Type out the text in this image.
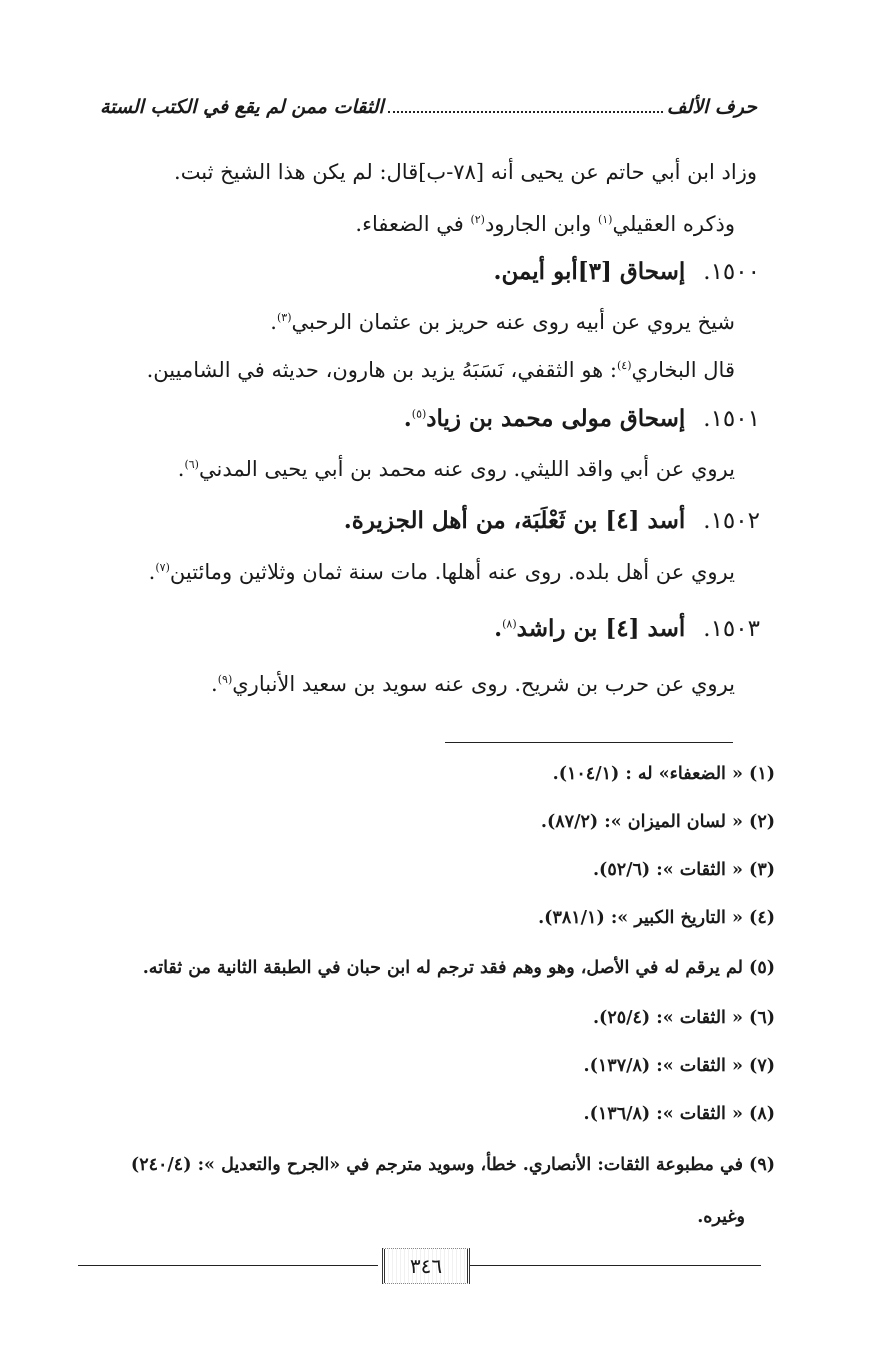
حرف الألف
الثقات ممن لم يقع في الكتب الستة
وزاد ابن أبي حاتم عن يحيى أنه [٧٨-ب]قال: لم يكن هذا الشيخ ثبت.
وذكره العقيلي$^{(١)}$ وابن الجارود$^{(٢)}$ في الضعفاء.
١٥٠٠.إسحاق [٣]أبو أيمن.
شيخ يروي عن أبيه روى عنه حريز بن عثمان الرحبي$^{(٣)}$.
قال البخاري$^{(٤)}$: هو الثقفي، نَسَبَهُ يزيد بن هارون، حديثه في الشاميين.
١٥٠١.إسحاق مولى محمد بن زياد$^{(٥)}$.
يروي عن أبي واقد الليثي. روى عنه محمد بن أبي يحيى المدني$^{(٦)}$.
١٥٠٢.أسد [٤] بن ثَعْلَبَة، من أهل الجزيرة.
يروي عن أهل بلده. روى عنه أهلها. مات سنة ثمان وثلاثين ومائتين$^{(٧)}$.
١٥٠٣.أسد [٤] بن راشد$^{(٨)}$.
يروي عن حرب بن شريح. روى عنه سويد بن سعيد الأنباري$^{(٩)}$.
(١) « الضعفاء» له : (١٠٤/١).
(٢) « لسان الميزان »: (٨٧/٢).
(٣) « الثقات »: (٥٢/٦).
(٤) « التاريخ الكبير »: (٣٨١/١).
(٥) لم يرقم له في الأصل، وهو وهم فقد ترجم له ابن حبان في الطبقة الثانية من ثقاته.
(٦) « الثقات »: (٢٥/٤).
(٧) « الثقات »: (١٣٧/٨).
(٨) « الثقات »: (١٣٦/٨).
(٩) في مطبوعة الثقات: الأنصاري. خطأ، وسويد مترجم في «الجرح والتعديل »: (٢٤٠/٤)
وغيره.
٣٤٦
